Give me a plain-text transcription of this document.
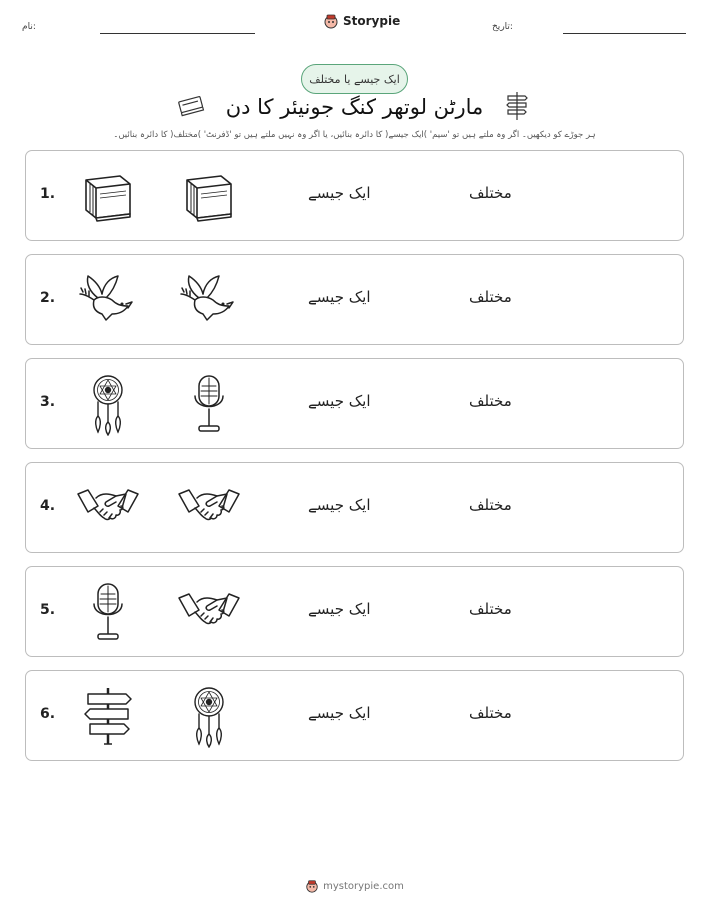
نام:	Storypie	تاریخ:
ایک جیسے یا مختلف
مارٹن لوتھر کنگ جونیئر کا دن
ہر جوڑے کو دیکھیں۔ اگر وہ ملتے ہیں تو 'سیم' )ایک جیسے( کا دائرہ بنائیں، یا اگر وہ نہیں ملتے ہیں تو 'ڈفرنٹ' )مختلف( کا دائرہ بنائیں۔
1.	ایک جیسے	مختلف
2.	ایک جیسے	مختلف
3.	ایک جیسے	مختلف
4.	ایک جیسے	مختلف
5.	ایک جیسے	مختلف
6.	ایک جیسے	مختلف
mystorypie.com
